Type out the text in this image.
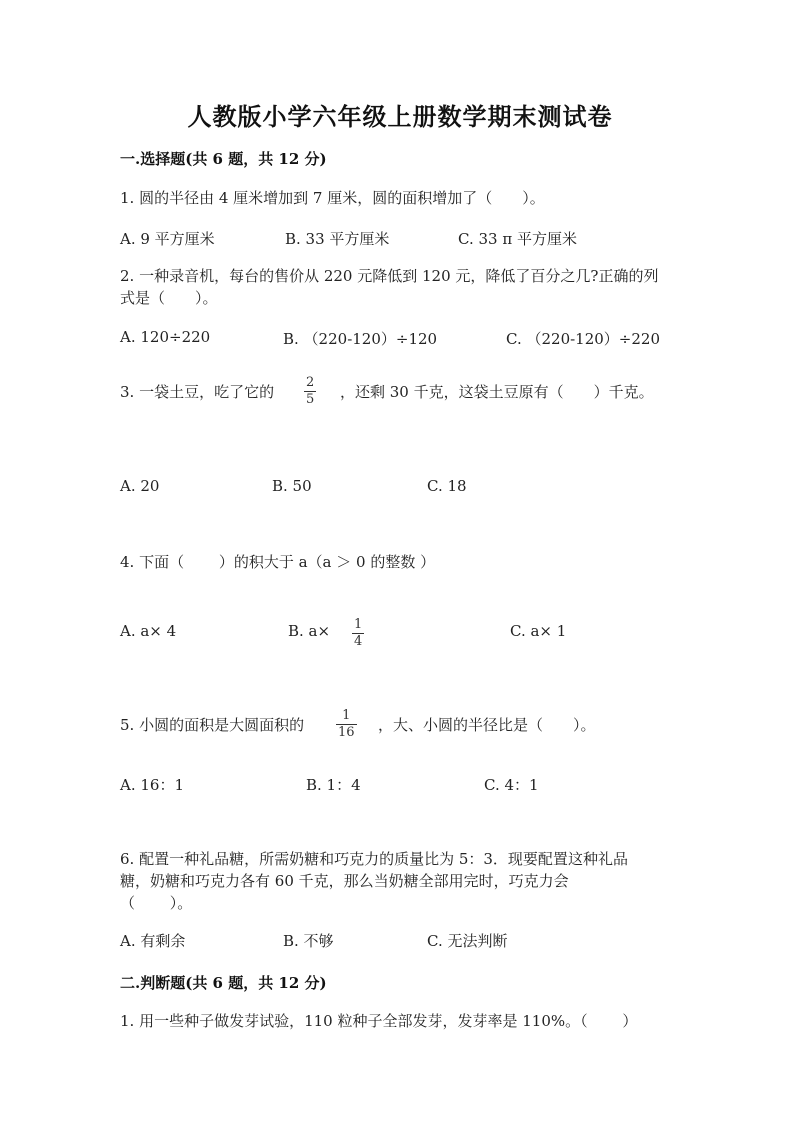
人教版小学六年级上册数学期末测试卷
一.选择题(共 6 题，共 12 分)
1. 圆的半径由 4 厘米增加到 7 厘米，圆的面积增加了（　　）。
A. 9 平方厘米	B. 33 平方厘米	C. 33 π 平方厘米
2. 一种录音机，每台的售价从 220 元降低到 120 元，降低了百分之几?正确的列
式是（　　）。
A. 120÷220	B. （220-120）÷120	C. （220-120）÷220
3. 一袋土豆，吃了它的
2
5 ，还剩 30 千克，这袋土豆原有（　　）千克。
A. 20	B. 50	C. 18
4. 下面（　　 ）的积大于 a（a ＞ 0 的整数 ）
A. a× 4	B. a× 1
4
C. a× 1
5. 小圆的面积是大圆面积的
1
16 ，大、小圆的半径比是（　　）。
A. 16：1	B. 1：4	C. 4：1
6. 配置一种礼品糖，所需奶糖和巧克力的质量比为 5：3．现要配置这种礼品
糖，奶糖和巧克力各有 60 千克，那么当奶糖全部用完时，巧克力会
（　　 ）。
A. 有剩余	B. 不够	C. 无法判断
二.判断题(共 6 题，共 12 分)
1. 用一些种子做发芽试验，110 粒种子全部发芽，发芽率是 110%。（　　 ）
